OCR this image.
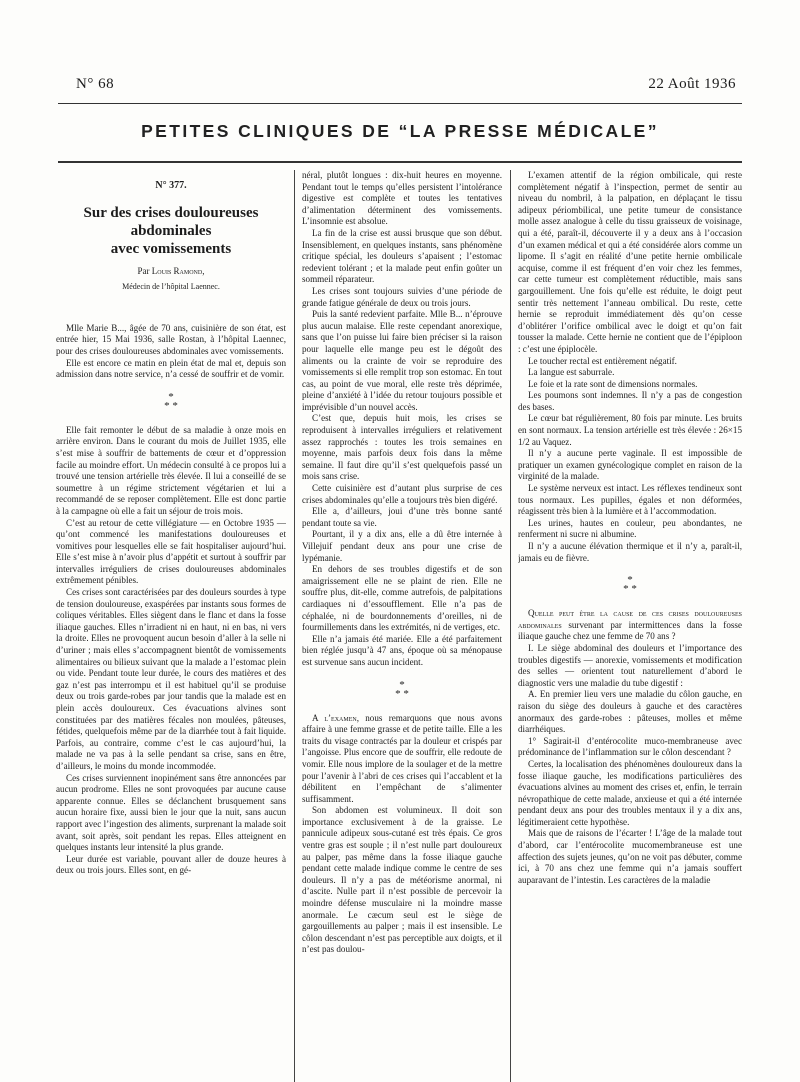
N° 68	22 Août 1936
PETITES CLINIQUES DE “LA PRESSE MÉDICALE”
N° 377.
Sur des crises douloureuses
abdominales
avec vomissements
Par Louis Ramond,
Médecin de l’hôpital Laennec.

Mlle Marie B..., âgée de 70 ans, cuisinière de son état, est entrée hier, 15 Mai 1936, salle Rostan, à l’hôpital Laennec, pour des crises douloureuses abdominales avec vomissements.

Elle est encore ce matin en plein état de mal et, depuis son admission dans notre service, n’a cessé de souffrir et de vomir.

*
* *

Elle fait remonter le début de sa maladie à onze mois en arrière environ. Dans le courant du mois de Juillet 1935, elle s’est mise à souffrir de battements de cœur et d’oppression facile au moindre effort. Un médecin consulté à ce propos lui a trouvé une tension artérielle très élevée. Il lui a conseillé de se soumettre à un régime strictement végétarien et lui a recommandé de se reposer complètement. Elle est donc partie à la campagne où elle a fait un séjour de trois mois.

C’est au retour de cette villégiature — en Octobre 1935 — qu’ont commencé les manifestations douloureuses et vomitives pour lesquelles elle se fait hospitaliser aujourd’hui. Elle s’est mise à n’avoir plus d’appétit et surtout à souffrir par intervalles irréguliers de crises douloureuses abdominales extrêmement pénibles.

Ces crises sont caractérisées par des douleurs sourdes à type de tension douloureuse, exaspérées par instants sous formes de coliques véritables. Elles siègent dans le flanc et dans la fosse iliaque gauches. Elles n’irradient ni en haut, ni en bas, ni vers la droite. Elles ne provoquent aucun besoin d’aller à la selle ni d’uriner ; mais elles s’accompagnent bientôt de vomissements alimentaires ou bilieux suivant que la malade a l’estomac plein ou vide. Pendant toute leur durée, le cours des matières et des gaz n’est pas interrompu et il est habituel qu’il se produise deux ou trois garde-robes par jour tandis que la malade est en plein accès douloureux. Ces évacuations alvines sont constituées par des matières fécales non moulées, pâteuses, fétides, quelquefois même par de la diarrhée tout à fait liquide. Parfois, au contraire, comme c’est le cas aujourd’hui, la malade ne va pas à la selle pendant sa crise, sans en être, d’ailleurs, le moins du monde incommodée.

Ces crises surviennent inopinément sans être annoncées par aucun prodrome. Elles ne sont provoquées par aucune cause apparente connue. Elles se déclanchent brusquement sans aucun horaire fixe, aussi bien le jour que la nuit, sans aucun rapport avec l’ingestion des aliments, surprenant la malade soit avant, soit après, soit pendant les repas. Elles atteignent en quelques instants leur intensité la plus grande.

Leur durée est variable, pouvant aller de douze heures à deux ou trois jours. Elles sont, en gé-

néral, plutôt longues : dix-huit heures en moyenne. Pendant tout le temps qu’elles persistent l’intolérance digestive est complète et toutes les tentatives d’alimentation déterminent des vomissements. L’insomnie est absolue.

La fin de la crise est aussi brusque que son début. Insensiblement, en quelques instants, sans phénomène critique spécial, les douleurs s’apaisent ; l’estomac redevient tolérant ; et la malade peut enfin goûter un sommeil réparateur.

Les crises sont toujours suivies d’une période de grande fatigue générale de deux ou trois jours.

Puis la santé redevient parfaite. Mlle B... n’éprouve plus aucun malaise. Elle reste cependant anorexique, sans que l’on puisse lui faire bien préciser si la raison pour laquelle elle mange peu est le dégoût des aliments ou la crainte de voir se reproduire des vomissements si elle remplit trop son estomac. En tout cas, au point de vue moral, elle reste très déprimée, pleine d’anxiété à l’idée du retour toujours possible et imprévisible d’un nouvel accès.

C’est que, depuis huit mois, les crises se reproduisent à intervalles irréguliers et relativement assez rapprochés : toutes les trois semaines en moyenne, mais parfois deux fois dans la même semaine. Il faut dire qu’il s’est quelquefois passé un mois sans crise.

Cette cuisinière est d’autant plus surprise de ces crises abdominales qu’elle a toujours très bien digéré.

Elle a, d’ailleurs, joui d’une très bonne santé pendant toute sa vie.

Pourtant, il y a dix ans, elle a dû être internée à Villejuif pendant deux ans pour une crise de lypémanie.

En dehors de ses troubles digestifs et de son amaigrissement elle ne se plaint de rien. Elle ne souffre plus, dit-elle, comme autrefois, de palpitations cardiaques ni d’essoufflement. Elle n’a pas de céphalée, ni de bourdonnements d’oreilles, ni de fourmillements dans les extrémités, ni de vertiges, etc.

Elle n’a jamais été mariée. Elle a été parfaitement bien réglée jusqu’à 47 ans, époque où sa ménopause est survenue sans aucun incident.

*
* *

A l’examen, nous remarquons que nous avons affaire à une femme grasse et de petite taille. Elle a les traits du visage contractés par la douleur et crispés par l’angoisse. Plus encore que de souffrir, elle redoute de vomir. Elle nous implore de la soulager et de la mettre pour l’avenir à l’abri de ces crises qui l’accablent et la débilitent en l’empêchant de s’alimenter suffisamment.

Son abdomen est volumineux. Il doit son importance exclusivement à de la graisse. Le pannicule adipeux sous-cutané est très épais. Ce gros ventre gras est souple ; il n’est nulle part douloureux au palper, pas même dans la fosse iliaque gauche pendant cette malade indique comme le centre de ses douleurs. Il n’y a pas de météorisme anormal, ni d’ascite. Nulle part il n’est possible de percevoir la moindre défense musculaire ni la moindre masse anormale. Le cæcum seul est le siège de gargouillements au palper ; mais il est insensible. Le côlon descendant n’est pas perceptible aux doigts, et il n’est pas doulou-

L’examen attentif de la région ombilicale, qui reste complètement négatif à l’inspection, permet de sentir au niveau du nombril, à la palpation, en déplaçant le tissu adipeux périombilical, une petite tumeur de consistance molle assez analogue à celle du tissu graisseux de voisinage, qui a été, paraît-il, découverte il y a deux ans à l’occasion d’un examen médical et qui a été considérée alors comme un lipome. Il s’agit en réalité d’une petite hernie ombilicale acquise, comme il est fréquent d’en voir chez les femmes, car cette tumeur est complètement réductible, mais sans gargouillement. Une fois qu’elle est réduite, le doigt peut sentir très nettement l’anneau ombilical. Du reste, cette hernie se reproduit immédiatement dès qu’on cesse d’oblitérer l’orifice ombilical avec le doigt et qu’on fait tousser la malade. Cette hernie ne contient que de l’épiploon : c’est une épiplocèle.

Le toucher rectal est entièrement négatif.

La langue est saburrale.

Le foie et la rate sont de dimensions normales.

Les poumons sont indemnes. Il n’y a pas de congestion des bases.

Le cœur bat régulièrement, 80 fois par minute. Les bruits en sont normaux. La tension artérielle est très élevée : 26×15 1/2 au Vaquez.

Il n’y a aucune perte vaginale. Il est impossible de pratiquer un examen gynécologique complet en raison de la virginité de la malade.

Le système nerveux est intact. Les réflexes tendineux sont tous normaux. Les pupilles, égales et non déformées, réagissent très bien à la lumière et à l’accommodation.

Les urines, hautes en couleur, peu abondantes, ne renferment ni sucre ni albumine.

Il n’y a aucune élévation thermique et il n’y a, paraît-il, jamais eu de fièvre.

*
* *

Quelle peut être la cause de ces crises douloureuses abdominales survenant par intermittences dans la fosse iliaque gauche chez une femme de 70 ans ?

I. Le siège abdominal des douleurs et l’importance des troubles digestifs — anorexie, vomissements et modification des selles — orientent tout naturellement d’abord le diagnostic vers une maladie du tube digestif :

A. En premier lieu vers une maladie du côlon gauche, en raison du siège des douleurs à gauche et des caractères anormaux des garde-robes : pâteuses, molles et même diarrhéiques.

1° Sagirait-il d’entérocolite muco-membraneuse avec prédominance de l’inflammation sur le côlon descendant ?

Certes, la localisation des phénomènes douloureux dans la fosse iliaque gauche, les modifications particulières des évacuations alvines au moment des crises et, enfin, le terrain névropathique de cette malade, anxieuse et qui a été internée pendant deux ans pour des troubles mentaux il y a dix ans, légitimeraient cette hypothèse.

Mais que de raisons de l’écarter ! L’âge de la malade tout d’abord, car l’entérocolite mucomembraneuse est une affection des sujets jeunes, qu’on ne voit pas débuter, comme ici, à 70 ans chez une femme qui n’a jamais souffert auparavant de l’intestin. Les caractères de la maladie
